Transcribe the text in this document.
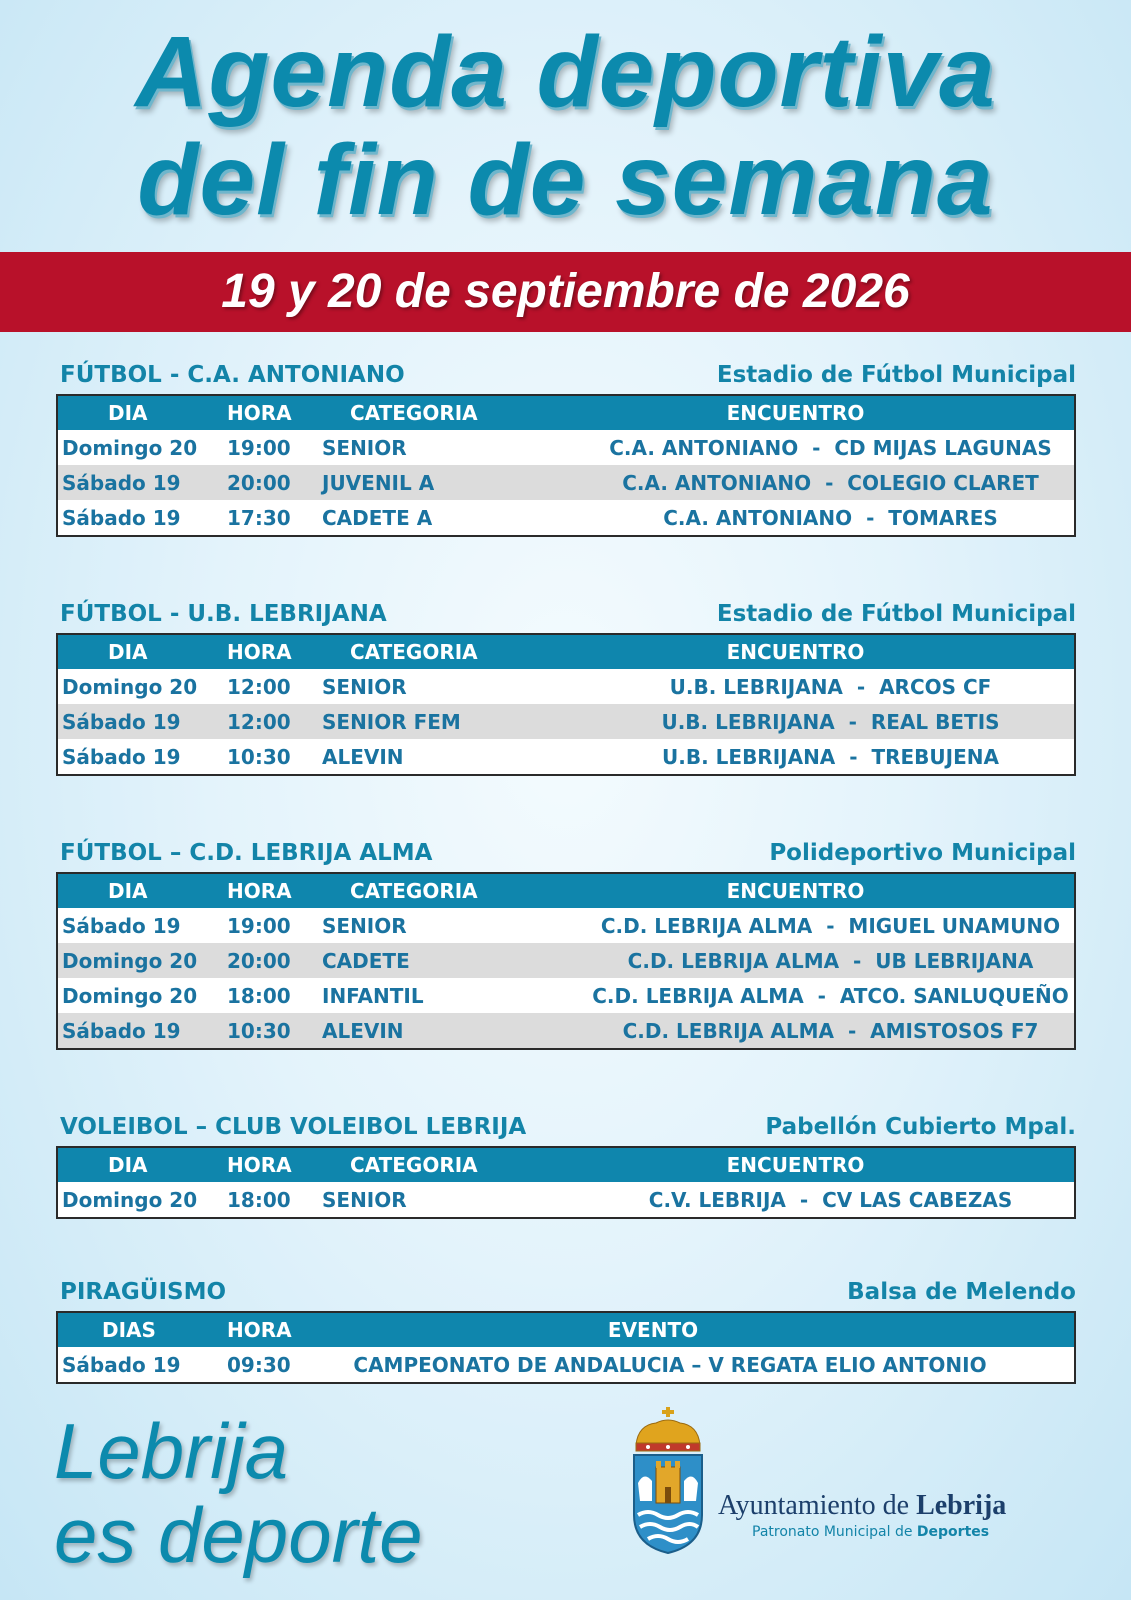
Agenda deportiva
del fin de semana
19 y 20 de septiembre de 2026
FÚTBOL - C.A. ANTONIANO	Estadio de Fútbol Municipal
DIA	HORA	CATEGORIA	ENCUENTRO
Domingo 20	19:00	SENIOR	C.A. ANTONIANO  -  CD MIJAS LAGUNAS
Sábado 19	20:00	JUVENIL A	C.A. ANTONIANO  -  COLEGIO CLARET
Sábado 19	17:30	CADETE A	C.A. ANTONIANO  -  TOMARES
FÚTBOL - U.B. LEBRIJANA	Estadio de Fútbol Municipal
DIA	HORA	CATEGORIA	ENCUENTRO
Domingo 20	12:00	SENIOR	U.B. LEBRIJANA  -  ARCOS CF
Sábado 19	12:00	SENIOR FEM	U.B. LEBRIJANA  -  REAL BETIS
Sábado 19	10:30	ALEVIN	U.B. LEBRIJANA  -  TREBUJENA
FÚTBOL – C.D. LEBRIJA ALMA	Polideportivo Municipal
DIA	HORA	CATEGORIA	ENCUENTRO
Sábado 19	19:00	SENIOR	C.D. LEBRIJA ALMA  -  MIGUEL UNAMUNO
Domingo 20	20:00	CADETE	C.D. LEBRIJA ALMA  -  UB LEBRIJANA
Domingo 20	18:00	INFANTIL	C.D. LEBRIJA ALMA  -  ATCO. SANLUQUEÑO
Sábado 19	10:30	ALEVIN	C.D. LEBRIJA ALMA  -  AMISTOSOS F7
VOLEIBOL – CLUB VOLEIBOL LEBRIJA	Pabellón Cubierto Mpal.
DIA	HORA	CATEGORIA	ENCUENTRO
Domingo 20	18:00	SENIOR	C.V. LEBRIJA  -  CV LAS CABEZAS
PIRAGÜISMO	Balsa de Melendo
DIAS	HORA	EVENTO
Sábado 19	09:30	CAMPEONATO DE ANDALUCIA – V REGATA ELIO ANTONIO
Lebrija
es deporte	Ayuntamiento de Lebrija
Patronato Municipal de Deportes
